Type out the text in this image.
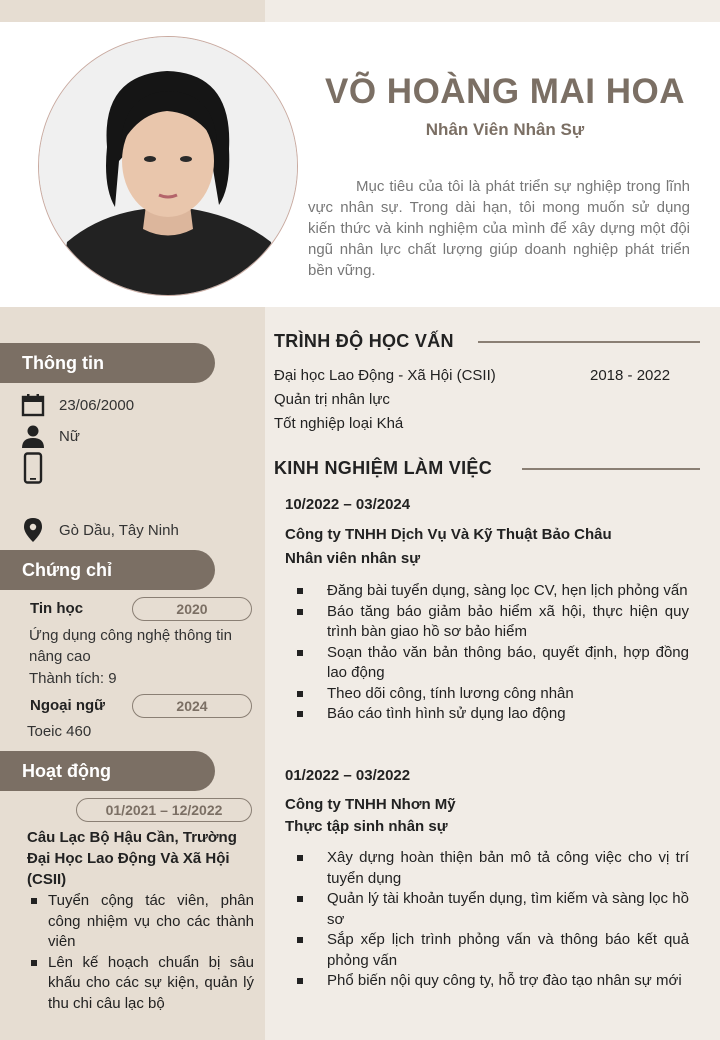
VÕ HOÀNG MAI HOA
Nhân Viên Nhân Sự
Mục tiêu của tôi là phát triển sự nghiệp trong lĩnh vực nhân sự. Trong dài hạn, tôi mong muốn sử dụng kiến thức và kinh nghiệm của mình để xây dựng một đội ngũ nhân lực chất lượng giúp doanh nghiệp phát triển bền vững.
Thông tin
23/06/2000
Nữ
Gò Dầu, Tây Ninh
Chứng chỉ
Tin học	2020
Ứng dụng công nghệ thông tin nâng cao
Thành tích: 9
Ngoại ngữ	2024
Toeic 460
Hoạt động
01/2021 – 12/2022
Câu Lạc Bộ Hậu Cần, Trường Đại Học Lao Động Và Xã Hội (CSII)
Tuyển cộng tác viên, phân công nhiệm vụ cho các thành viên
Lên kế hoạch chuẩn bị sâu khấu cho các sự kiện, quản lý thu chi câu lạc bộ
TRÌNH ĐỘ HỌC VẤN
Đại học Lao Động - Xã Hội (CSII)	2018 - 2022
Quản trị nhân lực
Tốt nghiệp loại Khá
KINH NGHIỆM LÀM VIỆC
10/2022 – 03/2024
Công ty TNHH Dịch Vụ Và Kỹ Thuật Bảo Châu
Nhân viên nhân sự
Đăng bài tuyển dụng, sàng lọc CV, hẹn lịch phỏng vấn
Báo tăng báo giảm bảo hiểm xã hội, thực hiện quy trình bàn giao hồ sơ bảo hiểm
Soạn thảo văn bản thông báo, quyết định, hợp đồng lao động
Theo dõi công, tính lương công nhân
Báo cáo tình hình sử dụng lao động
01/2022 – 03/2022
Công ty TNHH Nhơn Mỹ
Thực tập sinh nhân sự
Xây dựng hoàn thiện bản mô tả công việc cho vị trí tuyển dụng
Quản lý tài khoản tuyển dụng, tìm kiếm và sàng lọc hồ sơ
Sắp xếp lịch trình phỏng vấn và thông báo kết quả phỏng vấn
Phổ biến nội quy công ty, hỗ trợ đào tạo nhân sự mới
